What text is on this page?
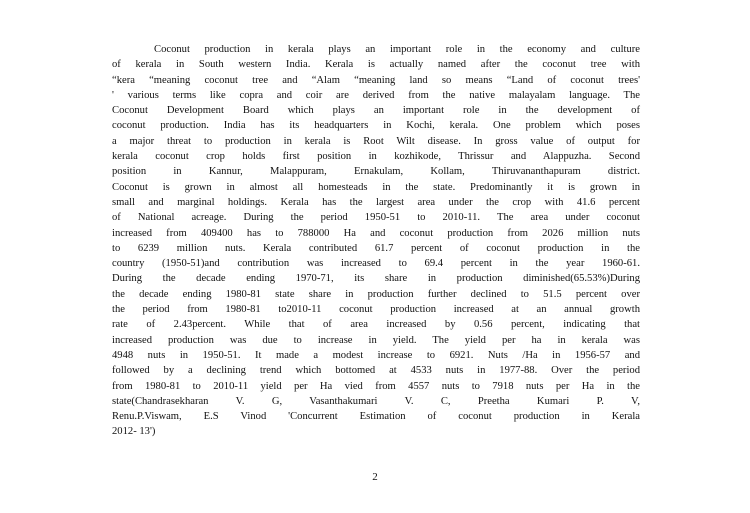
Coconut production in kerala plays an important role in the economy and culture
of kerala in South western India. Kerala is actually named after the coconut tree with
“kera “meaning coconut tree and “Alam “meaning land so means “Land of coconut trees'
' various terms like copra and coir are derived from the native malayalam language. The
Coconut Development Board which plays an important role in the development of
coconut production. India has its headquarters in Kochi, kerala. One problem which poses
a major threat to production in kerala is Root Wilt disease. In gross value of output for
kerala coconut crop holds first position in kozhikode, Thrissur and Alappuzha. Second
position in Kannur, Malappuram, Ernakulam, Kollam, Thiruvananthapuram district.
Coconut is grown in almost all homesteads in the state. Predominantly it is grown in
small and marginal holdings. Kerala has the largest area under the crop with 41.6 percent
of National acreage. During the period 1950-51 to 2010-11. The area under coconut
increased from 409400 has to 788000 Ha and coconut production from 2026 million nuts
to 6239 million nuts. Kerala contributed 61.7 percent of coconut production in the
country (1950-51)and contribution was increased to 69.4 percent in the year 1960-61.
During the decade ending 1970-71, its share in production diminished(65.53%)During
the decade ending 1980-81 state share in production further declined to 51.5 percent over
the period from 1980-81 to2010-11 coconut production increased at an annual growth
rate of 2.43percent. While that of area increased by 0.56 percent, indicating that
increased production was due to increase in yield. The yield per ha in kerala was
4948 nuts in 1950-51. It made a modest increase to 6921. Nuts /Ha in 1956-57 and
followed by a declining trend which bottomed at 4533 nuts in 1977-88. Over the period
from 1980-81 to 2010-11 yield per Ha vied from 4557 nuts to 7918 nuts per Ha in the
state(Chandrasekharan V. G, Vasanthakumari V. C, Preetha Kumari P. V,
Renu.P.Viswam, E.S Vinod 'Concurrent Estimation of coconut production in Kerala
2012- 13')
2
